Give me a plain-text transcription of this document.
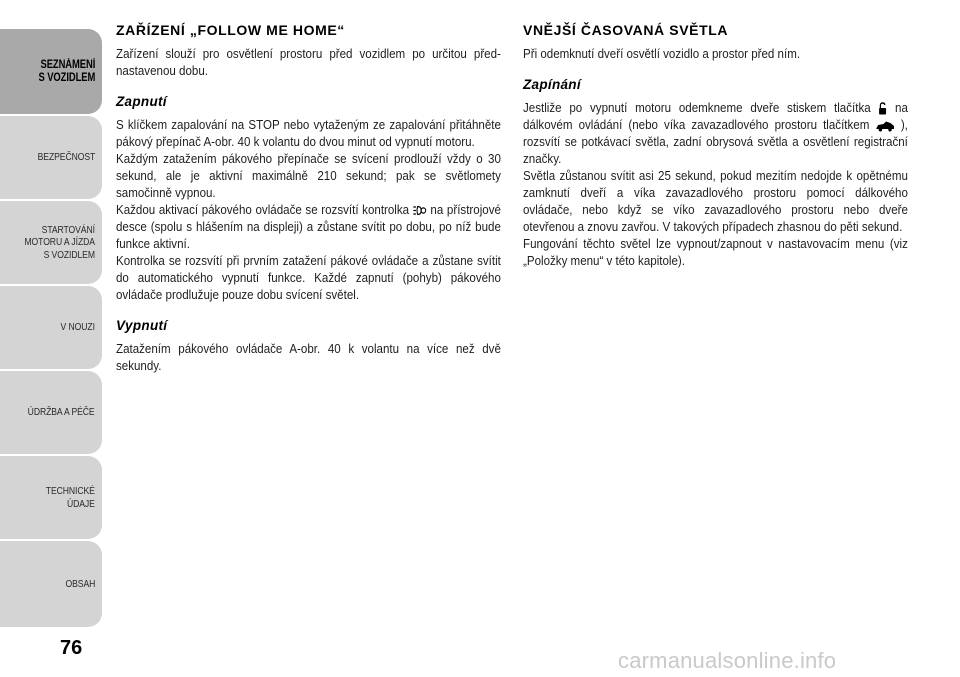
SEZNÁMENÍ
S VOZIDLEM
BEZPEČNOST
STARTOVÁNÍ
MOTORU A JÍZDA
S VOZIDLEM
V NOUZI
ÚDRŽBA A PÉČE
TECHNICKÉ
ÚDAJE
OBSAH
76
ZAŘÍZENÍ „FOLLOW ME HOME“

Zařízení slouží pro osvětlení prostoru před vozidlem po určitou přednastavenou dobu.

Zapnutí

S klíčkem zapalování na STOP nebo vytaženým ze zapalování přitáhněte pákový přepínač A-obr. 40 k volantu do dvou minut od vypnutí motoru.

Každým zatažením pákového přepínače se svícení prodlouží vždy o 30 sekund, ale je aktivní maximálně 210 sekund; pak se světlomety samočinně vypnou.

Každou aktivací pákového ovládače se rozsvítí kontrolka na přístrojové desce (spolu s hlášením na displeji) a zůstane svítit po dobu, po níž bude funkce aktivní.

Kontrolka se rozsvítí při prvním zatažení pákové ovládače a zůstane svítit do automatického vypnutí funkce. Každé zapnutí (pohyb) pákového ovládače prodlužuje pouze dobu svícení světel.

Vypnutí

Zatažením pákového ovládače A-obr. 40 k volantu na více než dvě sekundy.

VNĚJŠÍ ČASOVANÁ SVĚTLA

Při odemknutí dveří osvětlí vozidlo a prostor před ním.

Zapínání

Jestliže po vypnutí motoru odemkneme dveře stiskem tlačítka na dálkovém ovládání (nebo víka zavazadlového prostoru tlačítkem ), rozsvítí se potkávací světla, zadní obrysová světla a osvětlení registrační značky.

Světla zůstanou svítit asi 25 sekund, pokud mezitím nedojde k opětnému zamknutí dveří a víka zavazadlového prostoru pomocí dálkového ovládače, nebo když se víko zavazadlového prostoru nebo dveře otevřenou a znovu zavřou. V takových případech zhasnou do pěti sekund.

Fungování těchto světel lze vypnout/zapnout v nastavovacím menu (viz „Položky menu“ v této kapitole).

carmanualsonline.info
